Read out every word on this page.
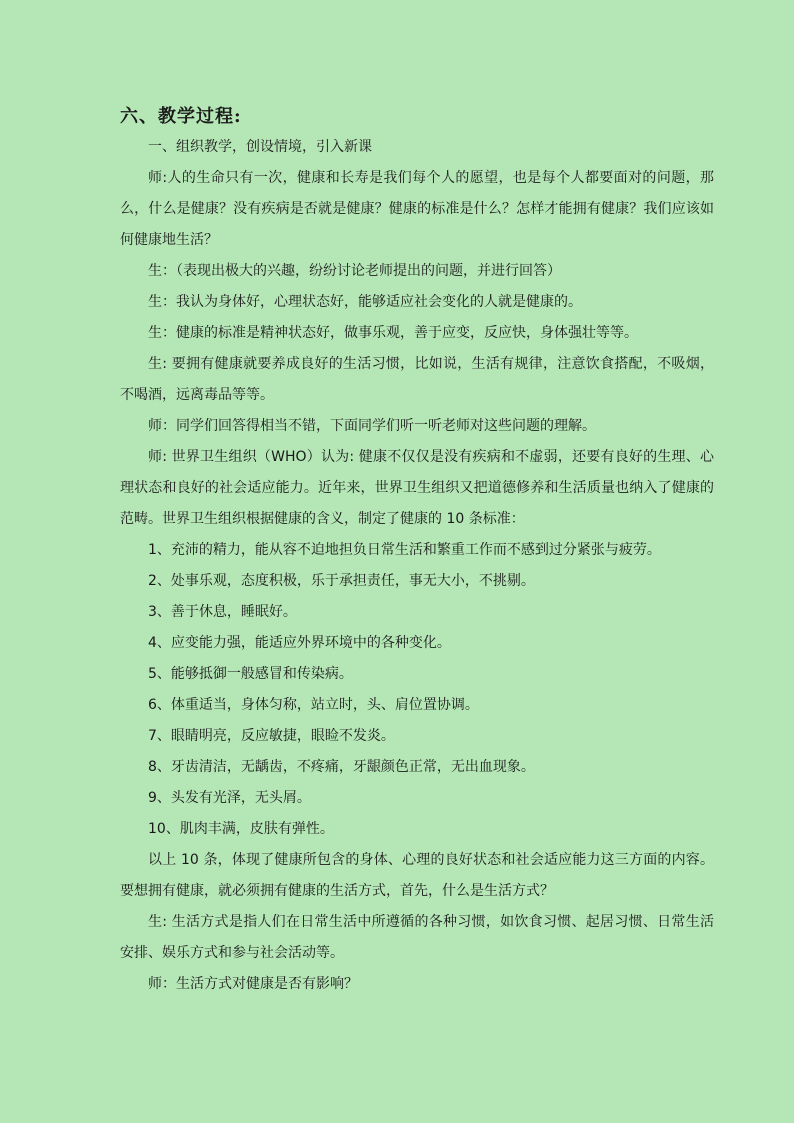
六、教学过程:

一、组织教学，创设情境，引入新课

师:人的生命只有一次，健康和长寿是我们每个人的愿望，也是每个人都要面对的问题，那么，什么是健康？没有疾病是否就是健康？健康的标准是什么？怎样才能拥有健康？我们应该如何健康地生活？

生：（表现出极大的兴趣，纷纷讨论老师提出的问题，并进行回答）

生：我认为身体好，心理状态好，能够适应社会变化的人就是健康的。

生：健康的标准是精神状态好，做事乐观，善于应变，反应快，身体强壮等等。

生: 要拥有健康就要养成良好的生活习惯，比如说，生活有规律，注意饮食搭配，不吸烟，不喝酒，远离毒品等等。

师：同学们回答得相当不错，下面同学们听一听老师对这些问题的理解。

师: 世界卫生组织（WHO）认为: 健康不仅仅是没有疾病和不虚弱，还要有良好的生理、心理状态和良好的社会适应能力。近年来，世界卫生组织又把道德修养和生活质量也纳入了健康的范畴。世界卫生组织根据健康的含义，制定了健康的 10 条标准：

1、充沛的精力，能从容不迫地担负日常生活和繁重工作而不感到过分紧张与疲劳。

2、处事乐观，态度积极，乐于承担责任，事无大小，不挑剔。

3、善于休息，睡眠好。

4、应变能力强，能适应外界环境中的各种变化。

5、能够抵御一般感冒和传染病。

6、体重适当，身体匀称，站立时，头、肩位置协调。

7、眼睛明亮，反应敏捷，眼睑不发炎。

8、牙齿清洁，无龋齿，不疼痛，牙龈颜色正常，无出血现象。

9、头发有光泽，无头屑。

10、肌肉丰满，皮肤有弹性。

以上 10 条，体现了健康所包含的身体、心理的良好状态和社会适应能力这三方面的内容。要想拥有健康，就必须拥有健康的生活方式，首先，什么是生活方式？

生: 生活方式是指人们在日常生活中所遵循的各种习惯，如饮食习惯、起居习惯、日常生活安排、娱乐方式和参与社会活动等。

师：生活方式对健康是否有影响？
